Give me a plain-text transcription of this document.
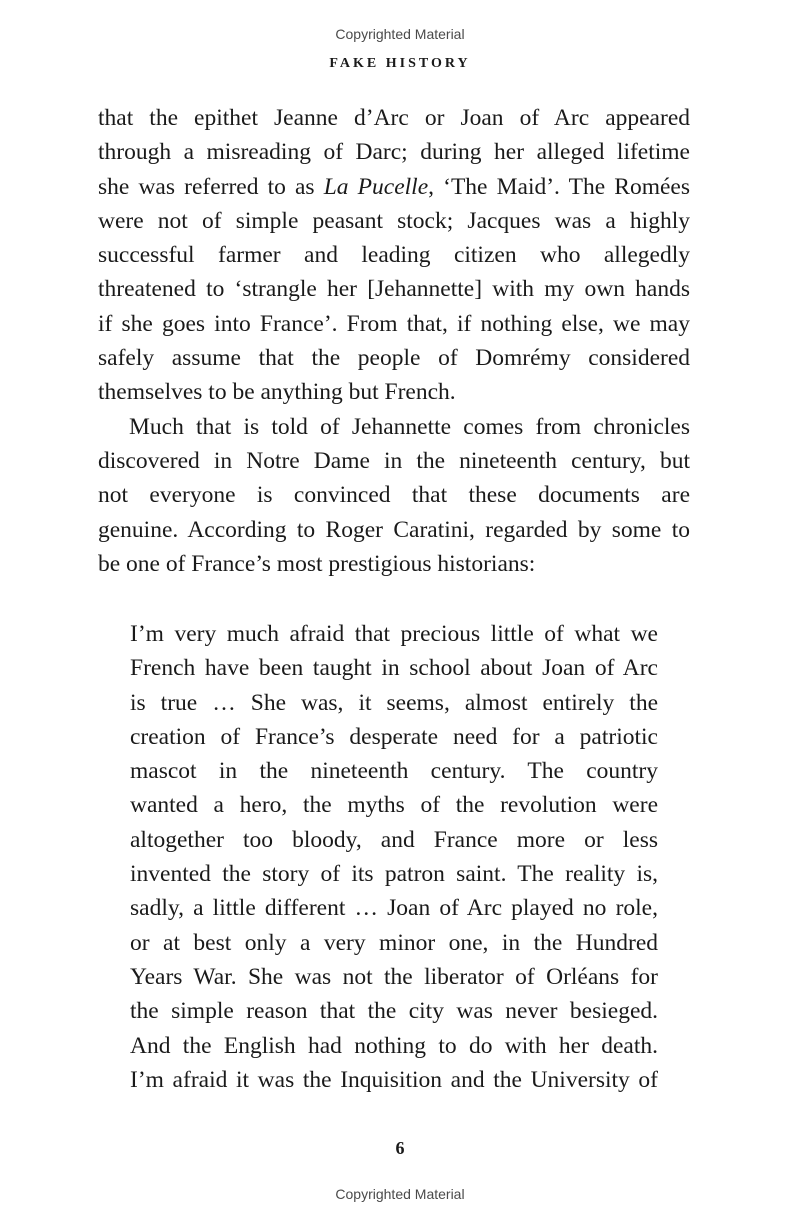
Copyrighted Material
FAKE HISTORY
that the epithet Jeanne d’Arc or Joan of Arc appeared
through a misreading of Darc; during her alleged lifetime
she was referred to as La Pucelle, ‘The Maid’. The Romées
were not of simple peasant stock; Jacques was a highly
successful farmer and leading citizen who allegedly
threatened to ‘strangle her [Jehannette] with my own hands
if she goes into France’. From that, if nothing else, we may
safely assume that the people of Domrémy considered
themselves to be anything but French.
Much that is told of Jehannette comes from chronicles
discovered in Notre Dame in the nineteenth century, but
not everyone is convinced that these documents are
genuine. According to Roger Caratini, regarded by some to
be one of France’s most prestigious historians:
I’m very much afraid that precious little of what we
French have been taught in school about Joan of Arc
is true … She was, it seems, almost entirely the
creation of France’s desperate need for a patriotic
mascot in the nineteenth century. The country
wanted a hero, the myths of the revolution were
altogether too bloody, and France more or less
invented the story of its patron saint. The reality is,
sadly, a little different … Joan of Arc played no role,
or at best only a very minor one, in the Hundred
Years War. She was not the liberator of Orléans for
the simple reason that the city was never besieged.
And the English had nothing to do with her death.
I’m afraid it was the Inquisition and the University of
6
Copyrighted Material
